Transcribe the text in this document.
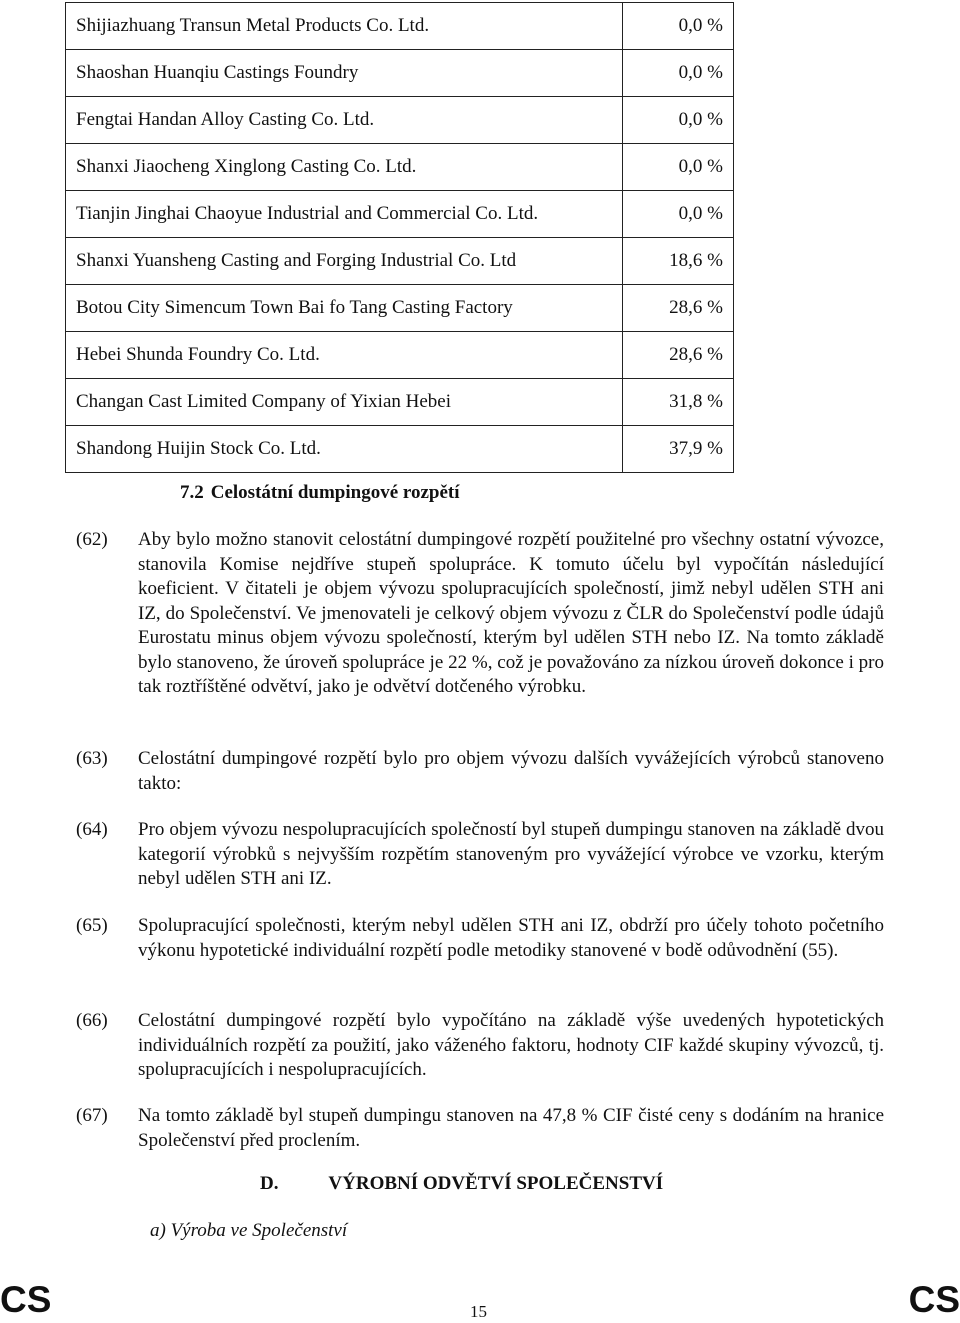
Shijiazhuang Transun Metal Products Co. Ltd.	0,0 %
Shaoshan Huanqiu Castings Foundry	0,0 %
Fengtai Handan Alloy Casting Co. Ltd.	0,0 %
Shanxi Jiaocheng Xinglong Casting Co. Ltd.	0,0 %
Tianjin Jinghai Chaoyue Industrial and Commercial Co. Ltd.	0,0 %
Shanxi Yuansheng Casting and Forging Industrial Co. Ltd	18,6 %
Botou City Simencum Town Bai fo Tang Casting Factory	28,6 %
Hebei Shunda Foundry Co. Ltd.	28,6 %
Changan Cast Limited Company of Yixian Hebei	31,8 %
Shandong Huijin Stock Co. Ltd.	37,9 %
7.2 Celostátní dumpingové rozpětí
(62) Aby bylo možno stanovit celostátní dumpingové rozpětí použitelné pro všechny ostatní vývozce, stanovila Komise nejdříve stupeň spolupráce. K tomuto účelu byl vypočítán následující koeficient. V čitateli je objem vývozu spolupracujících společností, jimž nebyl udělen STH ani IZ, do Společenství. Ve jmenovateli je celkový objem vývozu z ČLR do Společenství podle údajů Eurostatu minus objem vývozu společností, kterým byl udělen STH nebo IZ. Na tomto základě bylo stanoveno, že úroveň spolupráce je 22 %, což je považováno za nízkou úroveň dokonce i pro tak roztříštěné odvětví, jako je odvětví dotčeného výrobku.
(63) Celostátní dumpingové rozpětí bylo pro objem vývozu dalších vyvážejících výrobců stanoveno takto:
(64) Pro objem vývozu nespolupracujících společností byl stupeň dumpingu stanoven na základě dvou kategorií výrobků s nejvyšším rozpětím stanoveným pro vyvážející výrobce ve vzorku, kterým nebyl udělen STH ani IZ.
(65) Spolupracující společnosti, kterým nebyl udělen STH ani IZ, obdrží pro účely tohoto početního výkonu hypotetické individuální rozpětí podle metodiky stanovené v bodě odůvodnění (55).
(66) Celostátní dumpingové rozpětí bylo vypočítáno na základě výše uvedených hypotetických individuálních rozpětí za použití, jako váženého faktoru, hodnoty CIF každé skupiny vývozců, tj. spolupracujících i nespolupracujících.
(67) Na tomto základě byl stupeň dumpingu stanoven na 47,8 % CIF čisté ceny s dodáním na hranice Společenství před proclením.
D.	VÝROBNÍ ODVĚTVÍ SPOLEČENSTVÍ
a) Výroba ve Společenství
CS	15	CS
